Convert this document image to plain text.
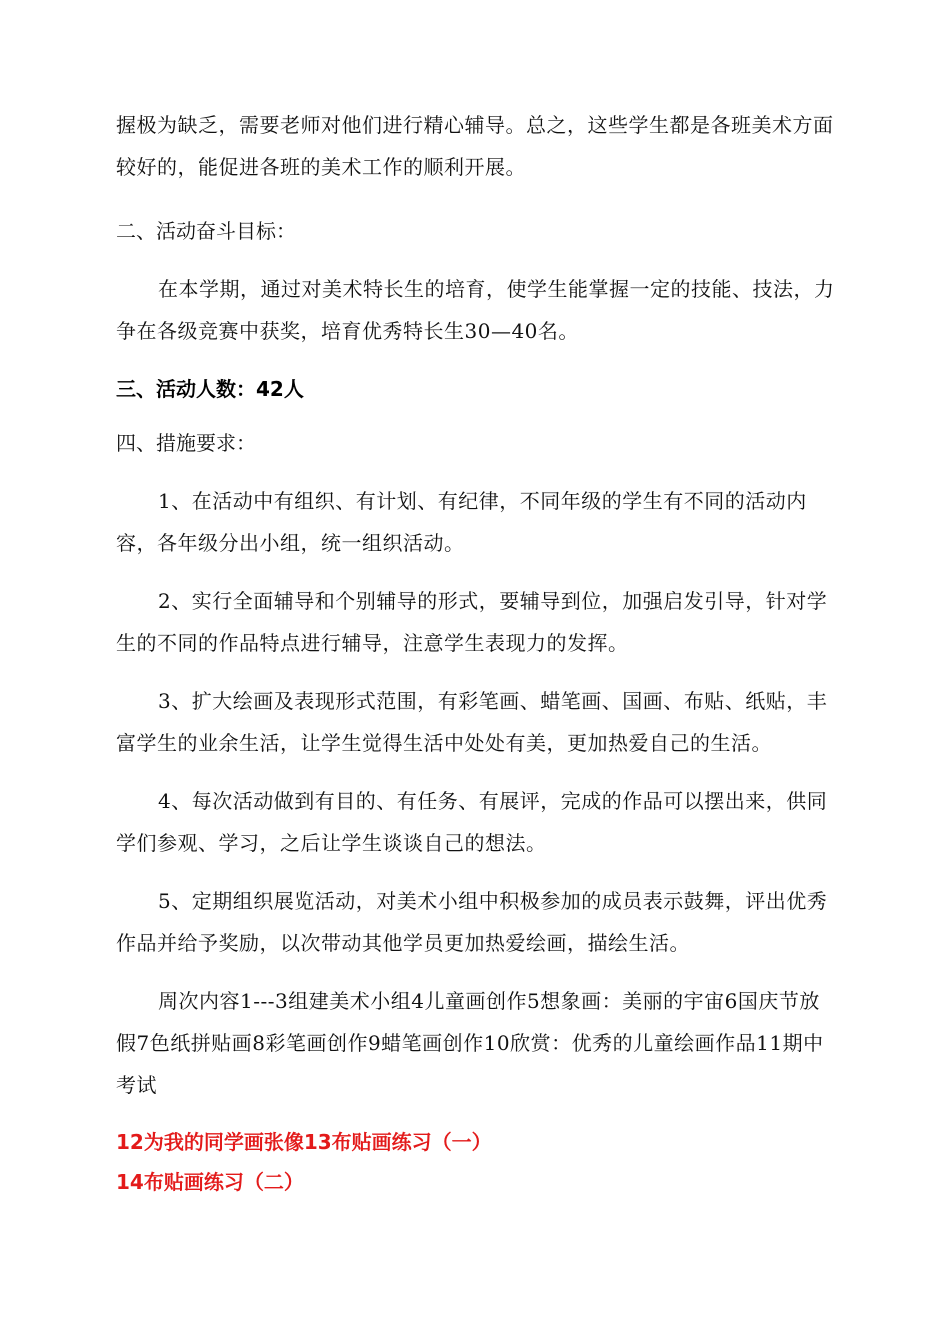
握极为缺乏，需要老师对他们进行精心辅导。总之，这些学生都是各班美术方面较好的，能促进各班的美术工作的顺利开展。

二、活动奋斗目标：

在本学期，通过对美术特长生的培育，使学生能掌握一定的技能、技法，力争在各级竞赛中获奖，培育优秀特长生30—40名。

三、活动人数：42人

四、措施要求：

1、在活动中有组织、有计划、有纪律，不同年级的学生有不同的活动内容，各年级分出小组，统一组织活动。

2、实行全面辅导和个别辅导的形式，要辅导到位，加强启发引导，针对学生的不同的作品特点进行辅导，注意学生表现力的发挥。

3、扩大绘画及表现形式范围，有彩笔画、蜡笔画、国画、布贴、纸贴，丰富学生的业余生活，让学生觉得生活中处处有美，更加热爱自己的生活。

4、每次活动做到有目的、有任务、有展评，完成的作品可以摆出来，供同学们参观、学习，之后让学生谈谈自己的想法。

5、定期组织展览活动，对美术小组中积极参加的成员表示鼓舞，评出优秀作品并给予奖励，以次带动其他学员更加热爱绘画，描绘生活。

周次内容1---3组建美术小组4儿童画创作5想象画：美丽的宇宙6国庆节放假7色纸拼贴画8彩笔画创作9蜡笔画创作10欣赏：优秀的儿童绘画作品11期中考试

12为我的同学画张像13布贴画练习（一）

14布贴画练习（二）
